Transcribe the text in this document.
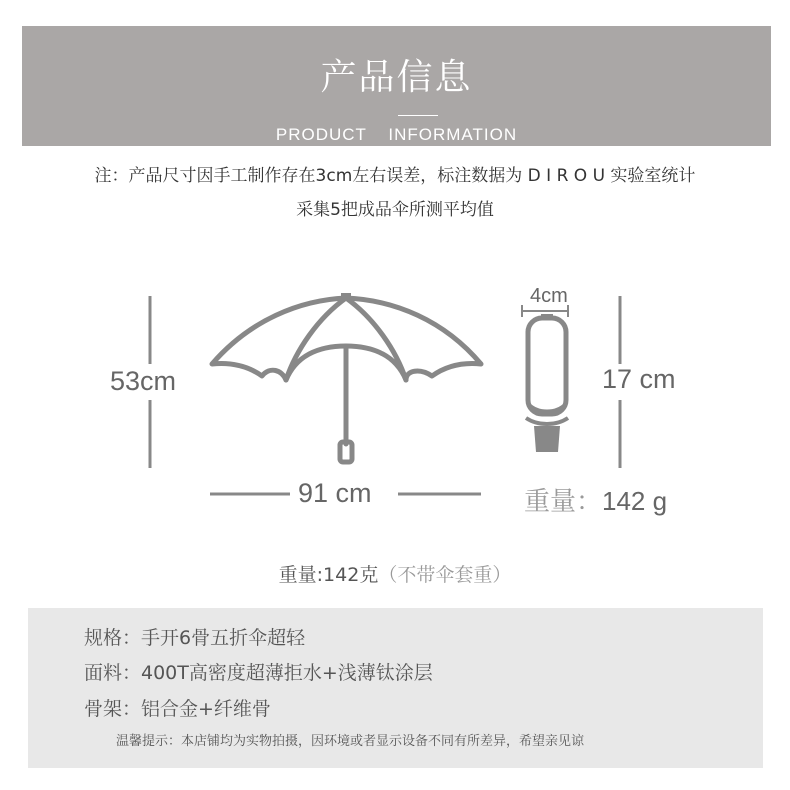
产品信息
PRODUCT INFORMATION
注：产品尺寸因手工制作存在3cm左右误差，标注数据为 D I R O U 实验室统计
采集5把成品伞所测平均值
53cm
91 cm
4cm
17 cm
重量：142 g
重量:142克（不带伞套重）
规格：手开6骨五折伞超轻
面料：400T高密度超薄拒水+浅薄钛涂层
骨架：铝合金+纤维骨
温馨提示：本店铺均为实物拍摄，因环境或者显示设备不同有所差异，希望亲见谅
